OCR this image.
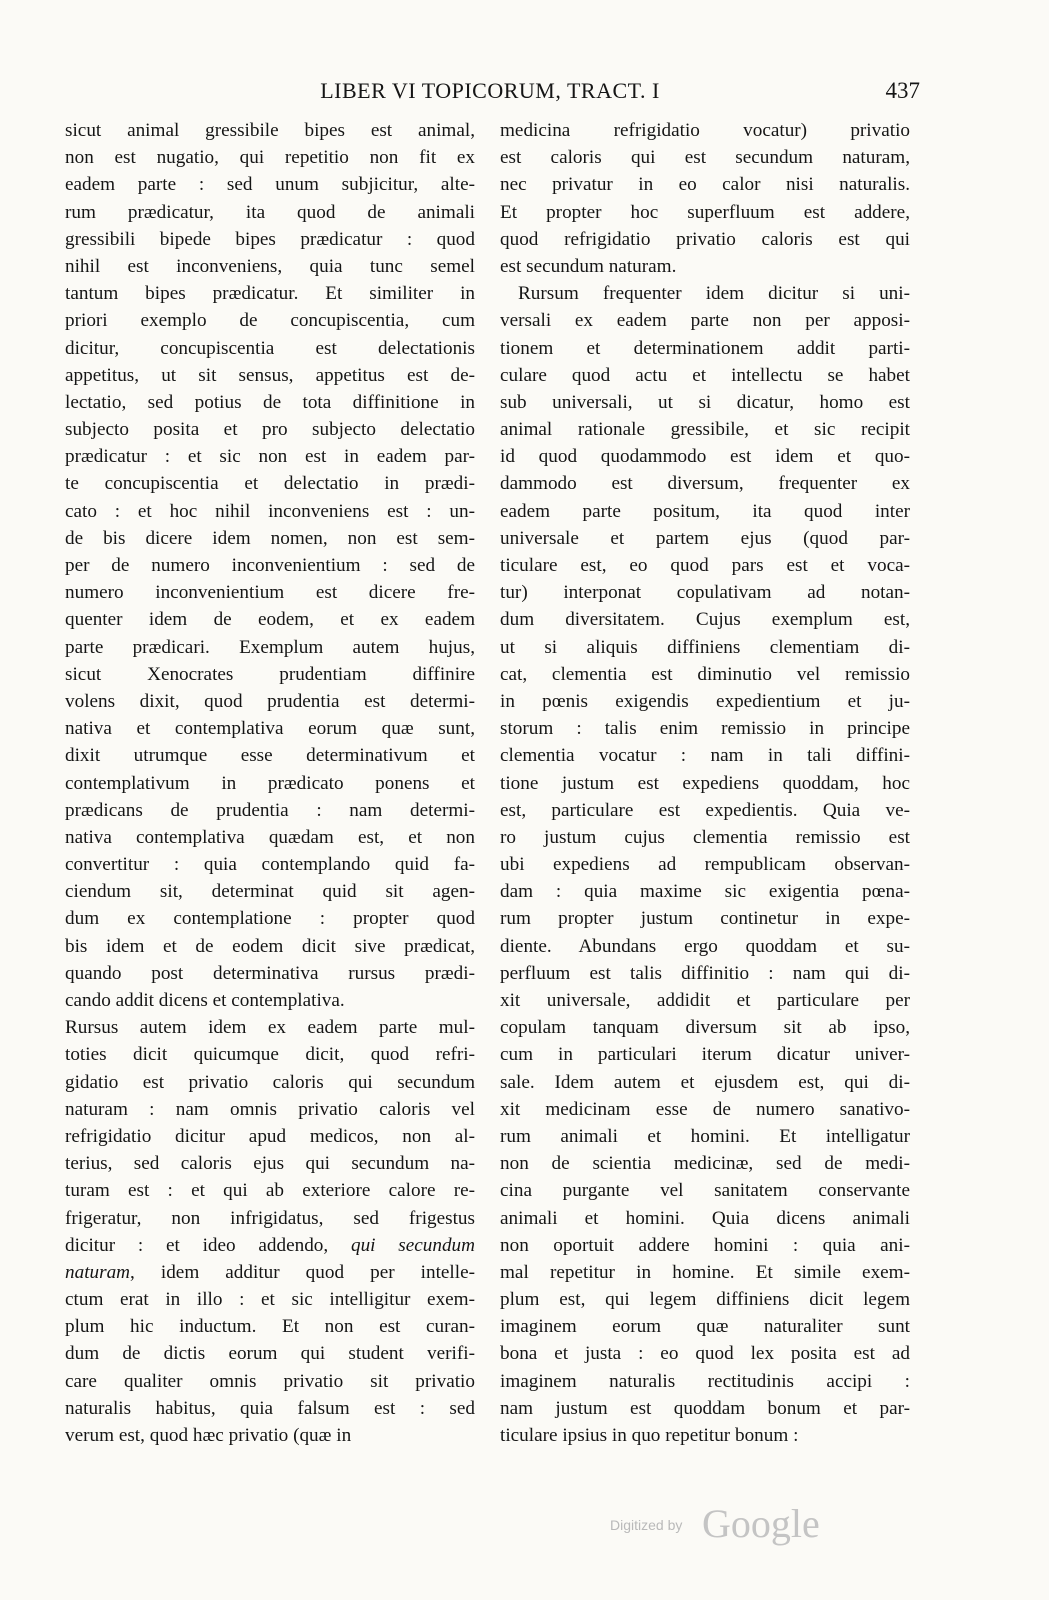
LIBER VI TOPICORUM, TRACT. I	437
sicut animal gressibile bipes est animal,
non est nugatio, qui repetitio non fit ex
eadem parte : sed unum subjicitur, alte-
rum prædicatur, ita quod de animali
gressibili bipede bipes prædicatur : quod
nihil est inconveniens, quia tunc semel
tantum bipes prædicatur. Et similiter in
priori exemplo de concupiscentia, cum
dicitur, concupiscentia est delectationis
appetitus, ut sit sensus, appetitus est de-
lectatio, sed potius de tota diffinitione in
subjecto posita et pro subjecto delectatio
prædicatur : et sic non est in eadem par-
te concupiscentia et delectatio in prædi-
cato : et hoc nihil inconveniens est : un-
de bis dicere idem nomen, non est sem-
per de numero inconvenientium : sed de
numero inconvenientium est dicere fre-
quenter idem de eodem, et ex eadem
parte prædicari. Exemplum autem hujus,
sicut Xenocrates prudentiam diffinire
volens dixit, quod prudentia est determi-
nativa et contemplativa eorum quæ sunt,
dixit utrumque esse determinativum et
contemplativum in prædicato ponens et
prædicans de prudentia : nam determi-
nativa contemplativa quædam est, et non
convertitur : quia contemplando quid fa-
ciendum sit, determinat quid sit agen-
dum ex contemplatione : propter quod
bis idem et de eodem dicit sive prædicat,
quando post determinativa rursus prædi-
cando addit dicens et contemplativa.
Rursus autem idem ex eadem parte mul-
toties dicit quicumque dicit, quod refri-
gidatio est privatio caloris qui secundum
naturam : nam omnis privatio caloris vel
refrigidatio dicitur apud medicos, non al-
terius, sed caloris ejus qui secundum na-
turam est : et qui ab exteriore calore re-
frigeratur, non infrigidatus, sed frigestus
dicitur : et ideo addendo, qui secundum
naturam, idem additur quod per intelle-
ctum erat in illo : et sic intelligitur exem-
plum hic inductum. Et non est curan-
dum de dictis eorum qui student verifi-
care qualiter omnis privatio sit privatio
naturalis habitus, quia falsum est : sed
verum est, quod hæc privatio (quæ in
medicina refrigidatio vocatur) privatio
est caloris qui est secundum naturam,
nec privatur in eo calor nisi naturalis.
Et propter hoc superfluum est addere,
quod refrigidatio privatio caloris est qui
est secundum naturam.
Rursum frequenter idem dicitur si uni-
versali ex eadem parte non per apposi-
tionem et determinationem addit parti-
culare quod actu et intellectu se habet
sub universali, ut si dicatur, homo est
animal rationale gressibile, et sic recipit
id quod quodammodo est idem et quo-
dammodo est diversum, frequenter ex
eadem parte positum, ita quod inter
universale et partem ejus (quod par-
ticulare est, eo quod pars est et voca-
tur) interponat copulativam ad notan-
dum diversitatem. Cujus exemplum est,
ut si aliquis diffiniens clementiam di-
cat, clementia est diminutio vel remissio
in pœnis exigendis expedientium et ju-
storum : talis enim remissio in principe
clementia vocatur : nam in tali diffini-
tione justum est expediens quoddam, hoc
est, particulare est expedientis. Quia ve-
ro justum cujus clementia remissio est
ubi expediens ad rempublicam observan-
dam : quia maxime sic exigentia pœna-
rum propter justum continetur in expe-
diente. Abundans ergo quoddam et su-
perfluum est talis diffinitio : nam qui di-
xit universale, addidit et particulare per
copulam tanquam diversum sit ab ipso,
cum in particulari iterum dicatur univer-
sale. Idem autem et ejusdem est, qui di-
xit medicinam esse de numero sanativo-
rum animali et homini. Et intelligatur
non de scientia medicinæ, sed de medi-
cina purgante vel sanitatem conservante
animali et homini. Quia dicens animali
non oportuit addere homini : quia ani-
mal repetitur in homine. Et simile exem-
plum est, qui legem diffiniens dicit legem
imaginem eorum quæ naturaliter sunt
bona et justa : eo quod lex posita est ad
imaginem naturalis rectitudinis accipi :
nam justum est quoddam bonum et par-
ticulare ipsius in quo repetitur bonum :
Digitized by Google
